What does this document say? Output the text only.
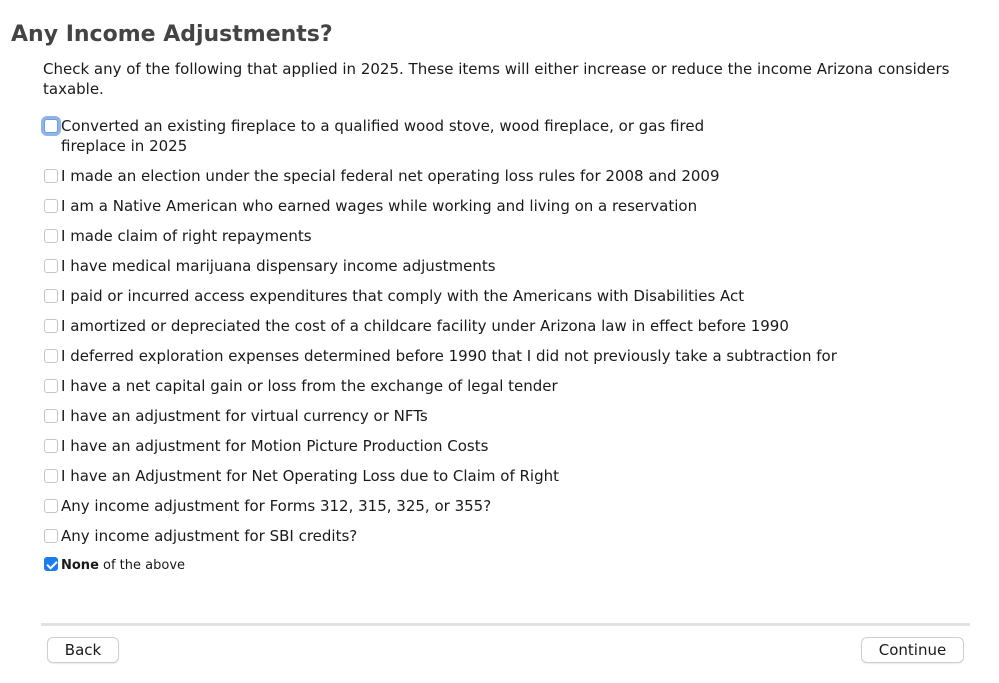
Any Income Adjustments?

Check any of the following that applied in 2025. These items will either increase or reduce the income Arizona considers taxable.

Converted an existing fireplace to a qualified wood stove, wood fireplace, or gas fired fireplace in 2025
I made an election under the special federal net operating loss rules for 2008 and 2009
I am a Native American who earned wages while working and living on a reservation
I made claim of right repayments
I have medical marijuana dispensary income adjustments
I paid or incurred access expenditures that comply with the Americans with Disabilities Act
I amortized or depreciated the cost of a childcare facility under Arizona law in effect before 1990
I deferred exploration expenses determined before 1990 that I did not previously take a subtraction for
I have a net capital gain or loss from the exchange of legal tender
I have an adjustment for virtual currency or NFTs
I have an adjustment for Motion Picture Production Costs
I have an Adjustment for Net Operating Loss due to Claim of Right
Any income adjustment for Forms 312, 315, 325, or 355?
Any income adjustment for SBI credits?
None of the above
Back	Continue
